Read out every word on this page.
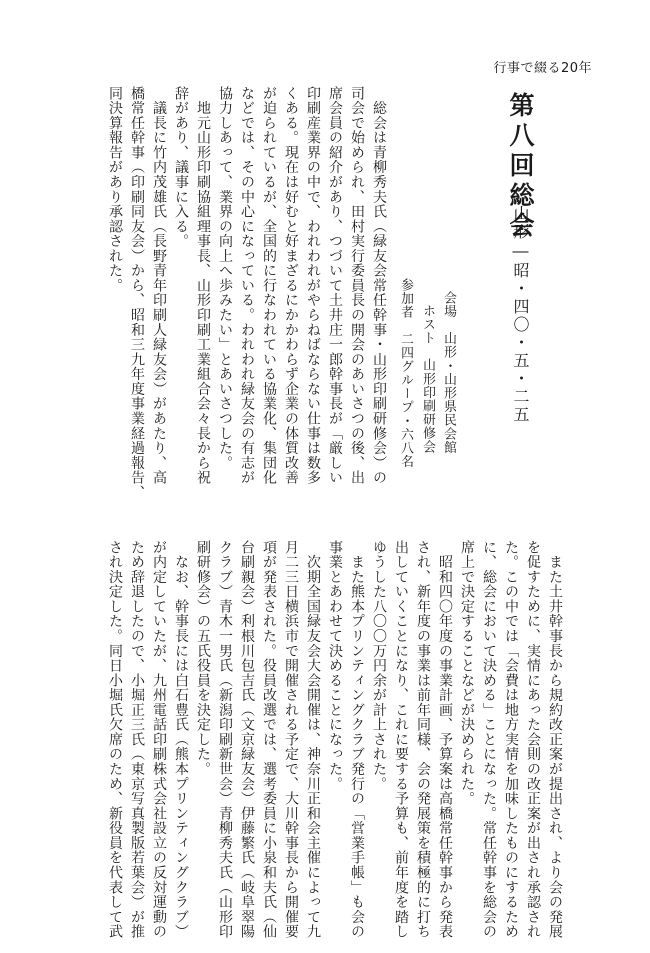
行事で綴る20年
第八回総会
山形―昭・四〇・五・二五
会場　山形・山形県民会館
ホスト　山形印刷研修会
参加者　二四グループ・六八名
　総会は青柳秀夫氏（緑友会常任幹事・山形印刷研修会）の
司会で始められ、田村実行委員長の開会のあいさつの後、出
席会員の紹介があり、つづいて土井庄一郎幹事長が「厳しい
印刷産業界の中で、われわれがやらねばならない仕事は数多
くある。現在は好むと好まざるにかかわらず企業の体質改善
が迫られているが、全国的に行なわれている協業化、集団化
などでは、その中心になっている。われわれ緑友会の有志が
協力しあって、業界の向上へ歩みたい」とあいさつした。
　地元山形印刷協組理事長、山形印刷工業組合会々長から祝
辞があり、議事に入る。
　議長に竹内茂雄氏（長野青年印刷人緑友会）があたり、高
橋常任幹事（印刷同友会）から、昭和三九年度事業経過報告、
同決算報告があり承認された。
　また土井幹事長から規約改正案が提出され、より会の発展
を促すために、実情にあった会則の改正案が出され承認され
た。この中では「会費は地方実情を加味したものにするため
に、総会において決める」ことになった。常任幹事を総会の
席上で決定することなどが決められた。
　昭和四〇年度の事業計画、予算案は高橋常任幹事から発表
され、新年度の事業は前年同様、会の発展策を積極的に打ち
出していくことになり、これに要する予算も、前年度を踏し
ゆうした八〇〇万円余が計上された。
　また熊本プリンティングクラブ発行の「営業手帳」も会の
事業とあわせて決めることになった。
　次期全国緑友会大会開催は、神奈川正和会主催によって九
月二三日横浜市で開催される予定で、大川幹事長から開催要
項が発表された。役員改選では、選考委員に小泉和夫氏（仙
台刷親会）利根川包吉氏（文京緑友会）伊藤繁氏（岐阜翠陽
クラブ）青木一男氏（新潟印刷新世会）青柳秀夫氏（山形印
刷研修会）の五氏役員を決定した。
　なお、幹事長には白石豊氏（熊本プリンティングクラブ）
が内定していたが、九州電話印刷株式会社設立の反対運動の
ため辞退したので、小堀正三氏（東京写真製版若葉会）が推
され決定した。同日小堀氏欠席のため、新役員を代表して武
